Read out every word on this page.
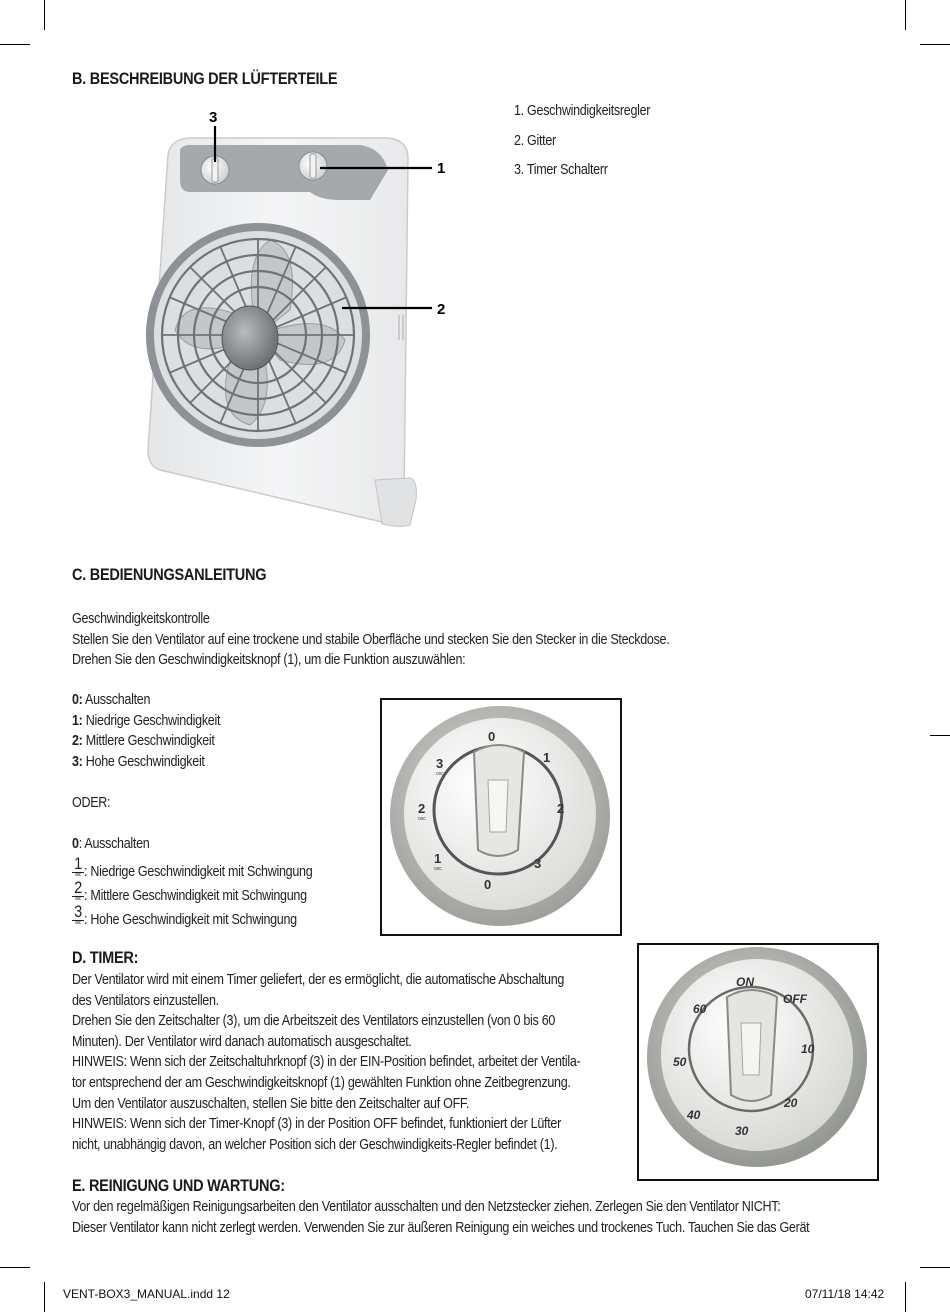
B. BESCHREIBUNG DER LÜFTERTEILE
3
1
2
1. Geschwindigkeitsregler
2. Gitter
3. Timer Schalterr
C. BEDIENUNGSANLEITUNG

Geschwindigkeitskontrolle

Stellen Sie den Ventilator auf eine trockene und stabile Oberfläche und stecken Sie den Stecker in die Steckdose.

Drehen Sie den Geschwindigkeitsknopf (1), um die Funktion auszuwählen:

0: Ausschalten

1: Niedrige Geschwindigkeit

2: Mittlere Geschwindigkeit

3: Hohe Geschwindigkeit

ODER:
0: Ausschalten
1
osc : Niedrige Geschwindigkeit mit Schwingung
2
osc : Mittlere Geschwindigkeit mit Schwingung
3
osc : Hohe Geschwindigkeit mit Schwingung
0
1
2
3
0
1
2
3
osc
osc
osc
D. TIMER:

Der Ventilator wird mit einem Timer geliefert, der es ermöglicht, die automatische Abschaltung

des Ventilators einzustellen.

Drehen Sie den Zeitschalter (3), um die Arbeitszeit des Ventilators einzustellen (von 0 bis 60

Minuten). Der Ventilator wird danach automatisch ausgeschaltet.

HINWEIS: Wenn sich der Zeitschaltuhrknopf (3) in der EIN-Position befindet, arbeitet der Ventila-

tor entsprechend der am Geschwindigkeitsknopf (1) gewählten Funktion ohne Zeitbegrenzung.

Um den Ventilator auszuschalten, stellen Sie bitte den Zeitschalter auf OFF.

HINWEIS: Wenn sich der Timer-Knopf (3) in der Position OFF befindet, funktioniert der Lüfter

nicht, unabhängig davon, an welcher Position sich der Geschwindigkeits-Regler befindet (1).

ON
OFF
10
20
30
40
50
60
E. REINIGUNG UND WARTUNG:

Vor den regelmäßigen Reinigungsarbeiten den Ventilator ausschalten und den Netzstecker ziehen. Zerlegen Sie den Ventilator NICHT:

Dieser Ventilator kann nicht zerlegt werden. Verwenden Sie zur äußeren Reinigung ein weiches und trockenes Tuch. Tauchen Sie das Gerät

VENT-BOX3_MANUAL.indd 12	07/11/18 14:42
